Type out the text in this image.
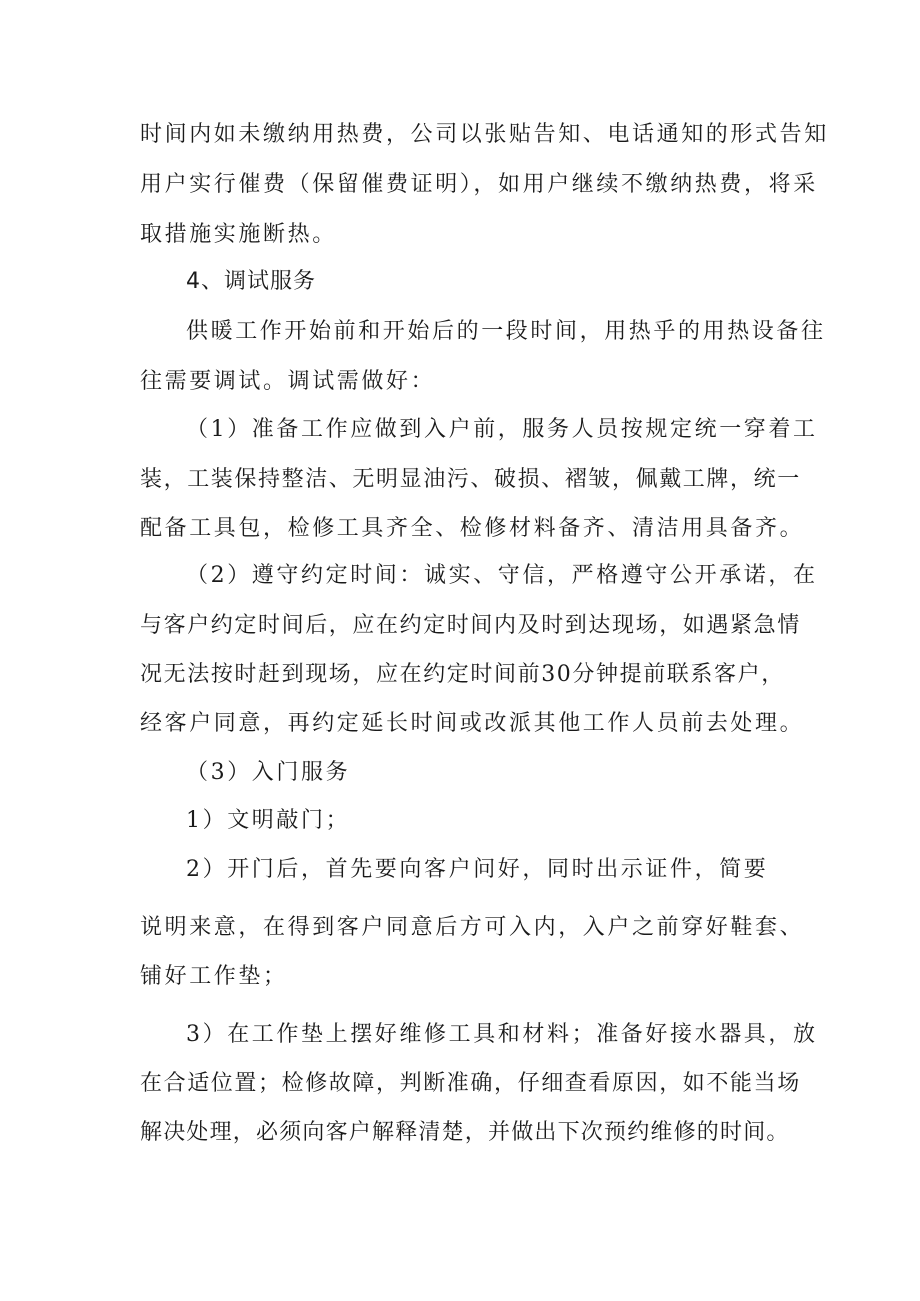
时间内如未缴纳用热费，公司以张贴告知、电话通知的形式告知
用户实行催费（保留催费证明），如用户继续不缴纳热费，将采
取措施实施断热。
4、调试服务
供暖工作开始前和开始后的一段时间，用热乎的用热设备往
往需要调试。调试需做好：
（1）准备工作应做到入户前，服务人员按规定统一穿着工
装，工装保持整洁、无明显油污、破损、褶皱，佩戴工牌，统一
配备工具包，检修工具齐全、检修材料备齐、清洁用具备齐。
（2）遵守约定时间：诚实、守信，严格遵守公开承诺，在
与客户约定时间后，应在约定时间内及时到达现场，如遇紧急情
况无法按时赶到现场，应在约定时间前30分钟提前联系客户，
经客户同意，再约定延长时间或改派其他工作人员前去处理。
（3）入门服务
1）文明敲门；
2）开门后，首先要向客户问好，同时出示证件，简要
说明来意，在得到客户同意后方可入内，入户之前穿好鞋套、
铺好工作垫；
3）在工作垫上摆好维修工具和材料；准备好接水器具，放
在合适位置；检修故障，判断准确，仔细查看原因，如不能当场
解决处理，必须向客户解释清楚，并做出下次预约维修的时间。
